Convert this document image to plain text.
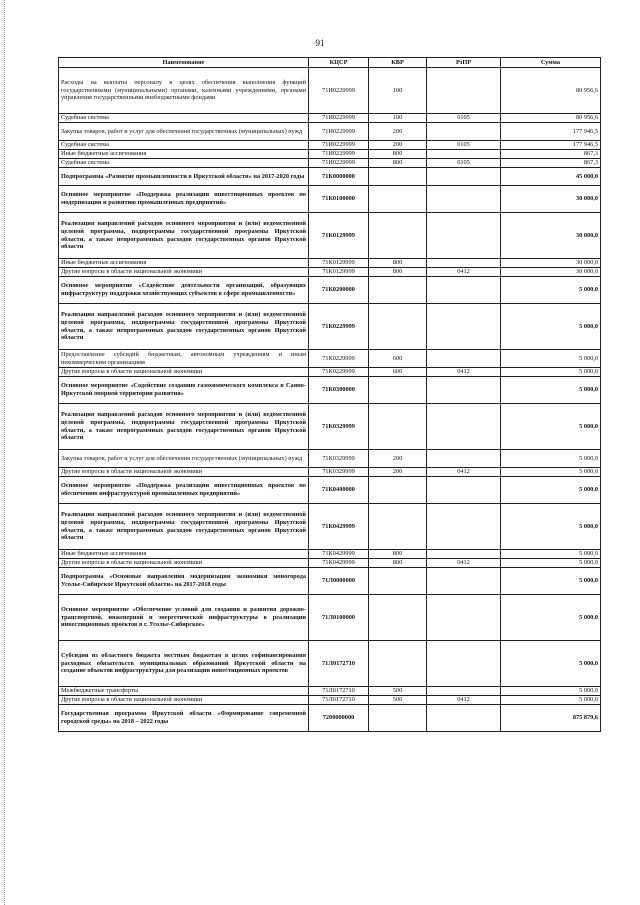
91
Наименование	КЦСР	КВР	РзПР	Сумма
Расходы на выплаты персоналу в целях обеспечения выполнения функций государственными (муниципальными) органами, казенными учреждениями, органами управления государственными внебюджетными фондами	71И0229999	100		80 956,6
Судебная система	71И0229999	100	0105	80 956,6
Закупка товаров, работ и услуг для обеспечения государственных (муниципальных) нужд	71И0229999	200		177 946,5
Судебная система	71И0229999	200	0105	177 946,5
Иные бюджетные ассигнования	71И0229999	800		867,3
Судебная система	71И0229999	800	0105	867,3
Подпрограмма «Развитие промышленности в Иркутской области» на 2017-2020 годы	71К0000000			45 000,0
Основное мероприятие «Поддержка реализации инвестиционных проектов по модернизации и развитию промышленных предприятий»	71К0100000			30 000,0
Реализация направлений расходов основного мероприятия и (или) ведомственной целевой программы, подпрограммы государственной программы Иркутской области, а также непрограммных расходов государственных органов Иркутской области	71К0129999			30 000,0
Иные бюджетные ассигнования	71К0129999	800		30 000,0
Другие вопросы в области национальной экономики	71К0129999	800	0412	30 000,0
Основное мероприятие «Содействие деятельности организаций, образующих инфраструктуру поддержки хозяйствующих субъектов в сфере промышленности»	71К0200000			5 000,0
Реализация направлений расходов основного мероприятия и (или) ведомственной целевой программы, подпрограммы государственной программы Иркутской области, а также непрограммных расходов государственных органов Иркутской области	71К0229999			5 000,0
Предоставление субсидий бюджетным, автономным учреждениям и иным некоммерческим организациям	71К0229999	600		5 000,0
Другие вопросы в области национальной экономики	71К0229999	600	0412	5 000,0
Основное мероприятие «Содействие созданию газохимического комплекса в Саяно-Иркутской опорной территории развития»	71К0300000			5 000,0
Реализация направлений расходов основного мероприятия и (или) ведомственной целевой программы, подпрограммы государственной программы Иркутской области, а также непрограммных расходов государственных органов Иркутской области	71К0329999			5 000,0
Закупка товаров, работ и услуг для обеспечения государственных (муниципальных) нужд	71К0329999	200		5 000,0
Другие вопросы в области национальной экономики	71К0329999	200	0412	5 000,0
Основное мероприятие «Поддержка реализации инвестиционных проектов по обеспечению инфраструктурой промышленных предприятий»	71К0400000			5 000,0
Реализация направлений расходов основного мероприятия и (или) ведомственной целевой программы, подпрограммы государственной программы Иркутской области, а также непрограммных расходов государственных органов Иркутской области	71К0429999			5 000,0
Иные бюджетные ассигнования	71К0429999	800		5 000,0
Другие вопросы в области национальной экономики	71К0429999	800	0412	5 000,0
Подпрограмма «Основные направления модернизации экономики моногорода Усолье-Сибирское Иркутской области» на 2017-2018 годы	71Л0000000			5 000,0
Основное мероприятие «Обеспечение условий для создания и развития дорожно-транспортной, инженерной и энергетической инфраструктуры в реализации инвестиционных проектов в г. Усолье-Сибирское»	71Л0100000			5 000,0
Субсидии из областного бюджета местным бюджетам в целях софинансирования расходных обязательств муниципальных образований Иркутской области на создание объектов инфраструктуры для реализации инвестиционных проектов	71Л0172710			5 000,0
Межбюджетные трансферты	71Л0172710	500		5 000,0
Другие вопросы в области национальной экономики	71Л0172710	500	0412	5 000,0
Государственная программа Иркутской области «Формирование современной городской среды» на 2018 – 2022 годы	7200000000			875 879,6
